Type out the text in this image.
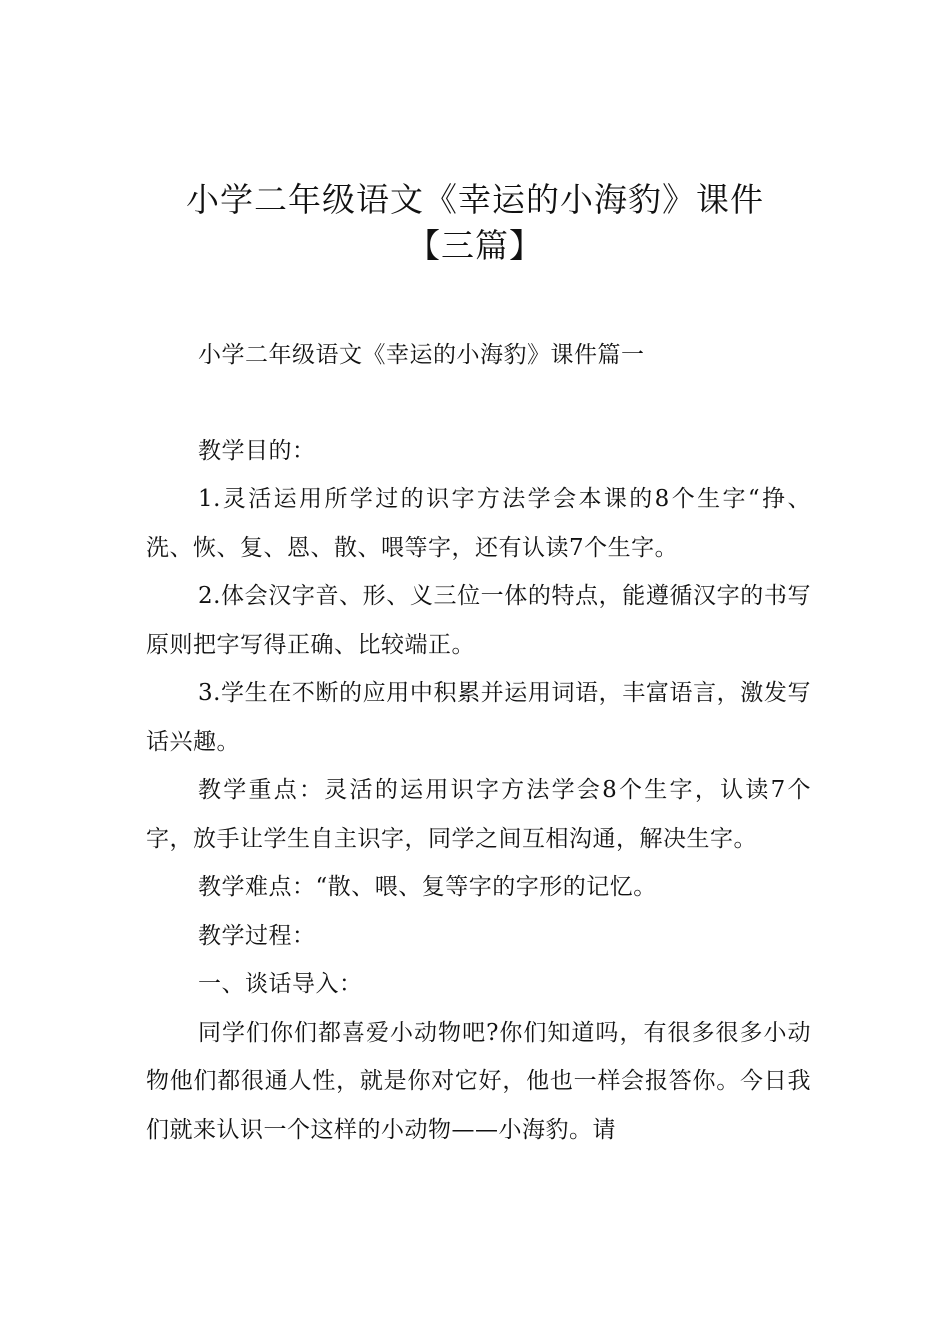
小学二年级语文《幸运的小海豹》课件
【三篇】

小学二年级语文《幸运的小海豹》课件篇一

教学目的：

1.灵活运用所学过的识字方法学会本课的8个生字“挣、洗、恢、复、恩、散、喂等字，还有认读7个生字。

2.体会汉字音、形、义三位一体的特点，能遵循汉字的书写原则把字写得正确、比较端正。

3.学生在不断的应用中积累并运用词语，丰富语言，激发写话兴趣。

教学重点：灵活的运用识字方法学会8个生字，认读7个字，放手让学生自主识字，同学之间互相沟通，解决生字。

教学难点：“散、喂、复等字的字形的记忆。

教学过程：

一、谈话导入：

同学们你们都喜爱小动物吧?你们知道吗，有很多很多小动物他们都很通人性，就是你对它好，他也一样会报答你。今日我们就来认识一个这样的小动物——小海豹。请
